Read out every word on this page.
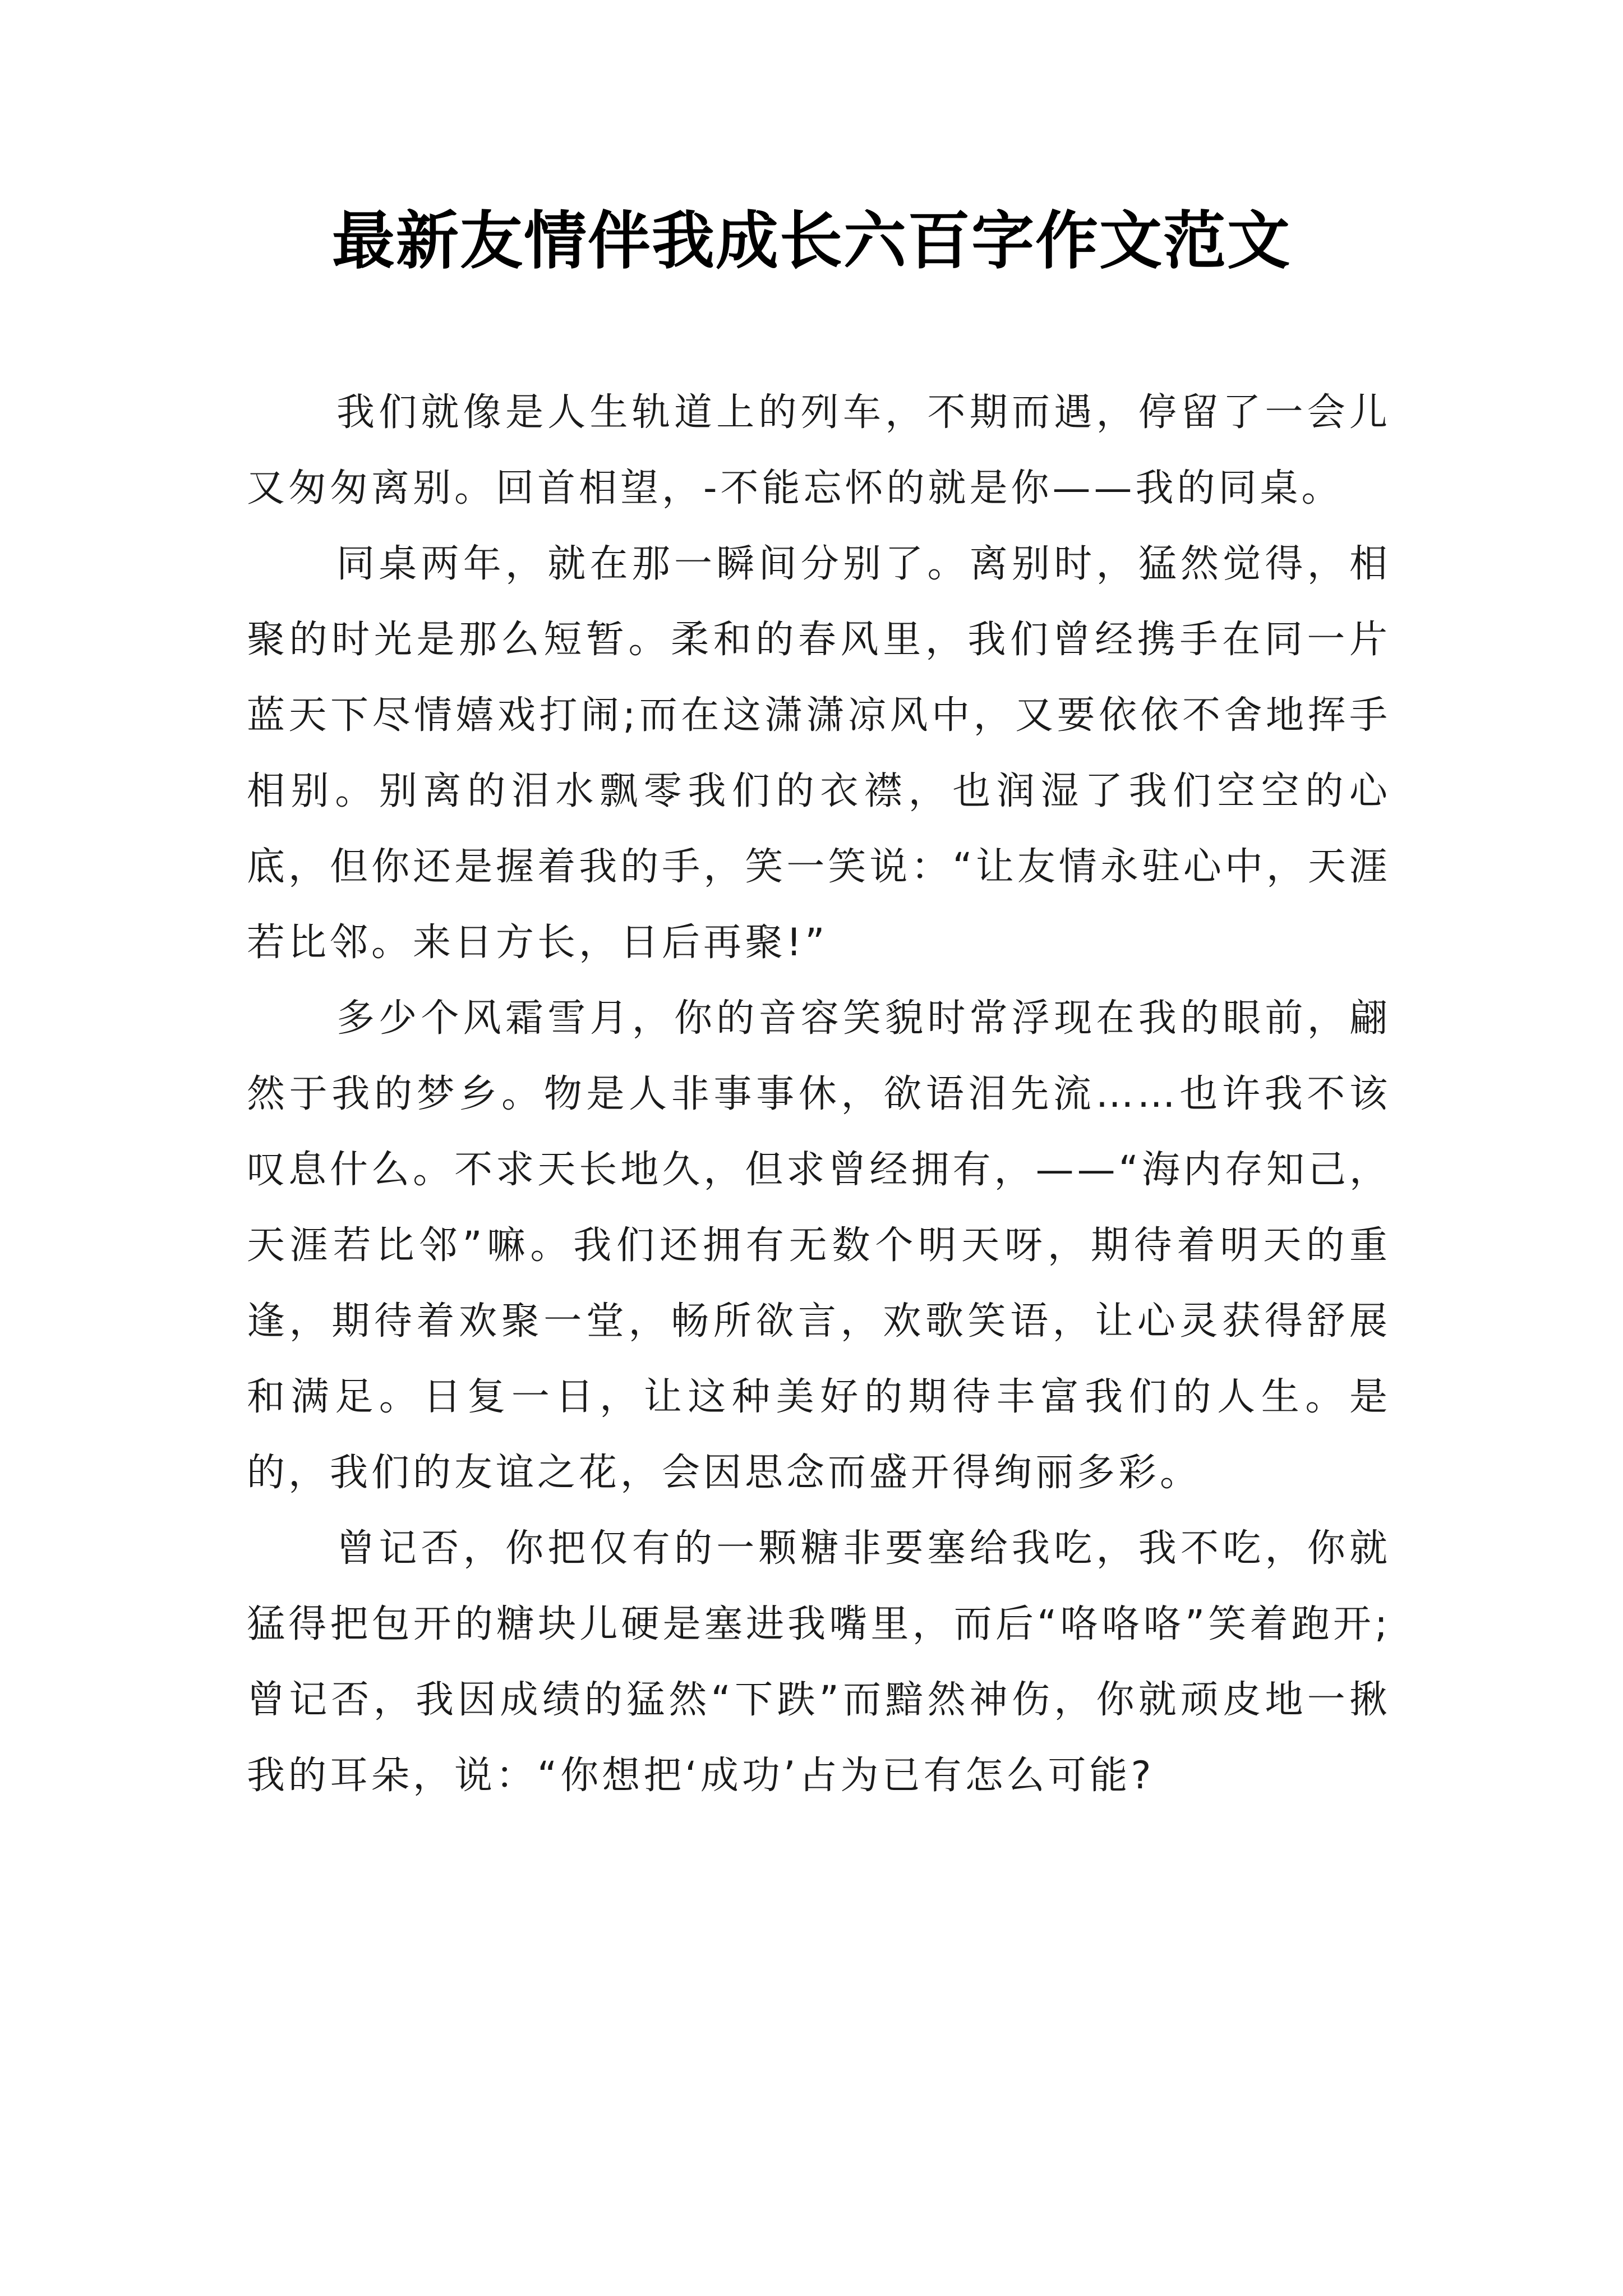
最新友情伴我成长六百字作文范文

我们就像是人生轨道上的列车，不期而遇，停留了一会儿又匆匆离别。回首相望，-不能忘怀的就是你——我的同桌。

同桌两年，就在那一瞬间分别了。离别时，猛然觉得，相聚的时光是那么短暂。柔和的春风里，我们曾经携手在同一片蓝天下尽情嬉戏打闹;而在这潇潇凉风中，又要依依不舍地挥手相别。别离的泪水飘零我们的衣襟，也润湿了我们空空的心底，但你还是握着我的手，笑一笑说：“让友情永驻心中，天涯若比邻。来日方长，日后再聚!”

多少个风霜雪月，你的音容笑貌时常浮现在我的眼前，翩然于我的梦乡。物是人非事事休，欲语泪先流……也许我不该叹息什么。不求天长地久，但求曾经拥有，——“海内存知己，天涯若比邻”嘛。我们还拥有无数个明天呀，期待着明天的重逢，期待着欢聚一堂，畅所欲言，欢歌笑语，让心灵获得舒展和满足。日复一日，让这种美好的期待丰富我们的人生。是的，我们的友谊之花，会因思念而盛开得绚丽多彩。

曾记否，你把仅有的一颗糖非要塞给我吃，我不吃，你就猛得把包开的糖块儿硬是塞进我嘴里，而后“咯咯咯”笑着跑开;曾记否，我因成绩的猛然“下跌”而黯然神伤，你就顽皮地一揪我的耳朵，说：“你想把‘成功’占为已有怎么可能?
